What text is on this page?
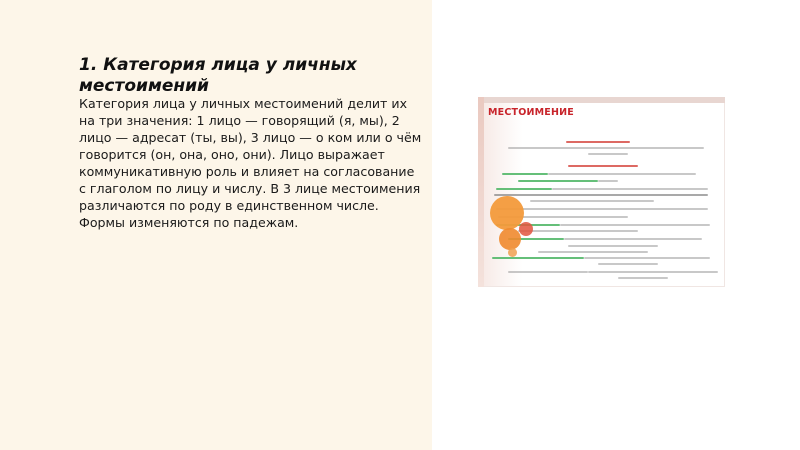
1. Категория лица у личных местоимений

Категория лица у личных местоимений делит их на три значения: 1 лицо — говорящий (я, мы), 2 лицо — адресат (ты, вы), 3 лицо — о ком или о чём говорится (он, она, оно, они). Лицо выражает коммуникативную роль и влияет на согласование с глаголом по лицу и числу. В 3 лице местоимения различаются по роду в единственном числе. Формы изменяются по падежам.

МЕСТОИМЕНИЕ
